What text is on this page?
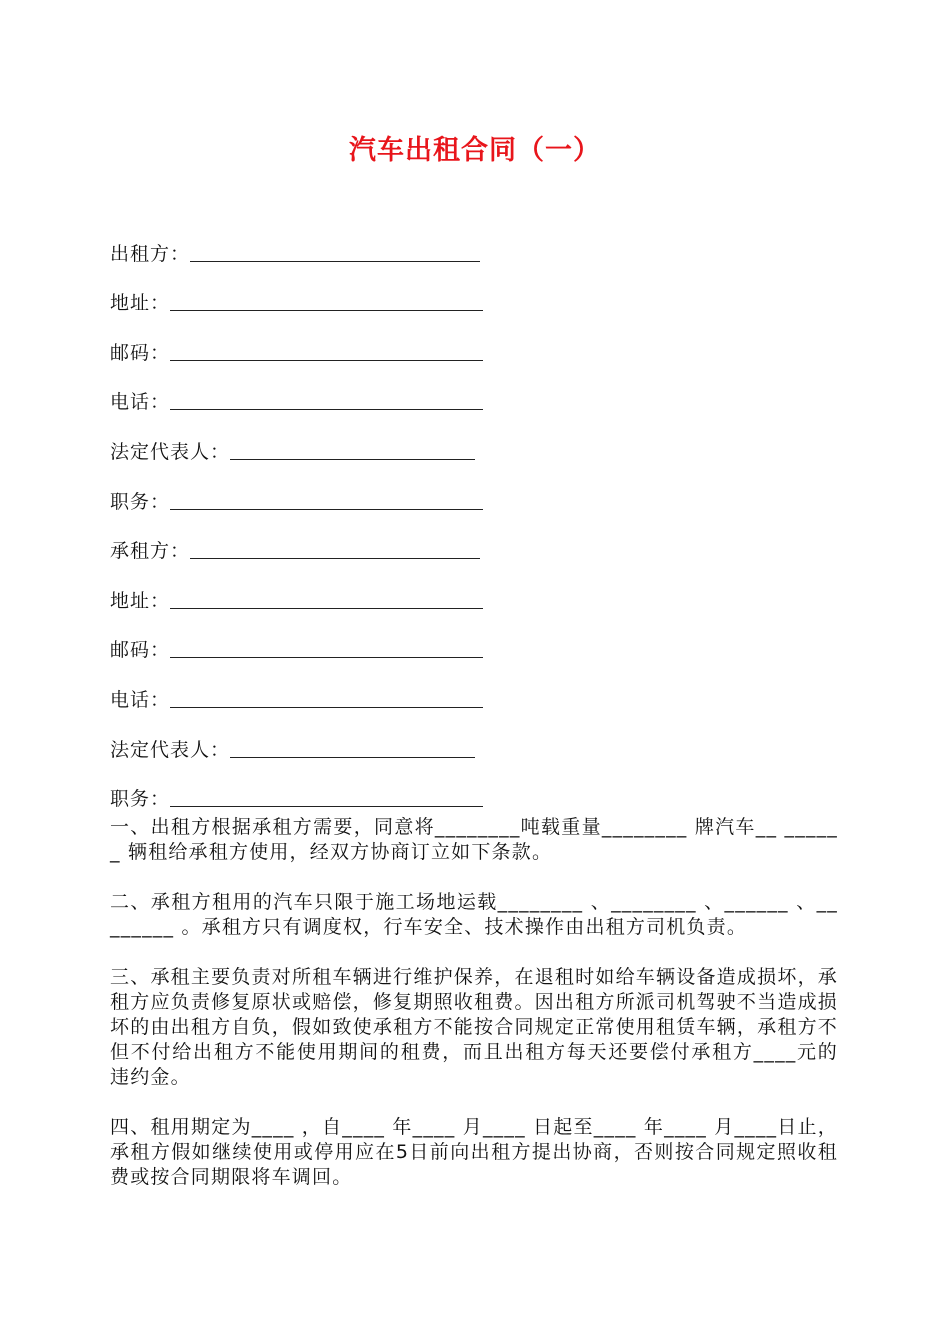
汽车出租合同（一）
出租方：
地址：
邮码：
电话：
法定代表人：
职务：
承租方：
地址：
邮码：
电话：
法定代表人：
职务：

一、出租方根据承租方需要，同意将________吨载重量________ 牌汽车__ ______ 辆租给承租方使用，经双方协商订立如下条款。

二、承租方租用的汽车只限于施工场地运载________ 、________ 、______ 、________ 。承租方只有调度权，行车安全、技术操作由出租方司机负责。

三、承租主要负责对所租车辆进行维护保养，在退租时如给车辆设备造成损坏，承租方应负责修复原状或赔偿，修复期照收租费。因出租方所派司机驾驶不当造成损坏的由出租方自负，假如致使承租方不能按合同规定正常使用租赁车辆，承租方不但不付给出租方不能使用期间的租费，而且出租方每天还要偿付承租方____元的违约金。

四、租用期定为____ ，自____ 年____ 月____ 日起至____ 年____ 月____日止，承租方假如继续使用或停用应在5日前向出租方提出协商，否则按合同规定照收租费或按合同期限将车调回。
